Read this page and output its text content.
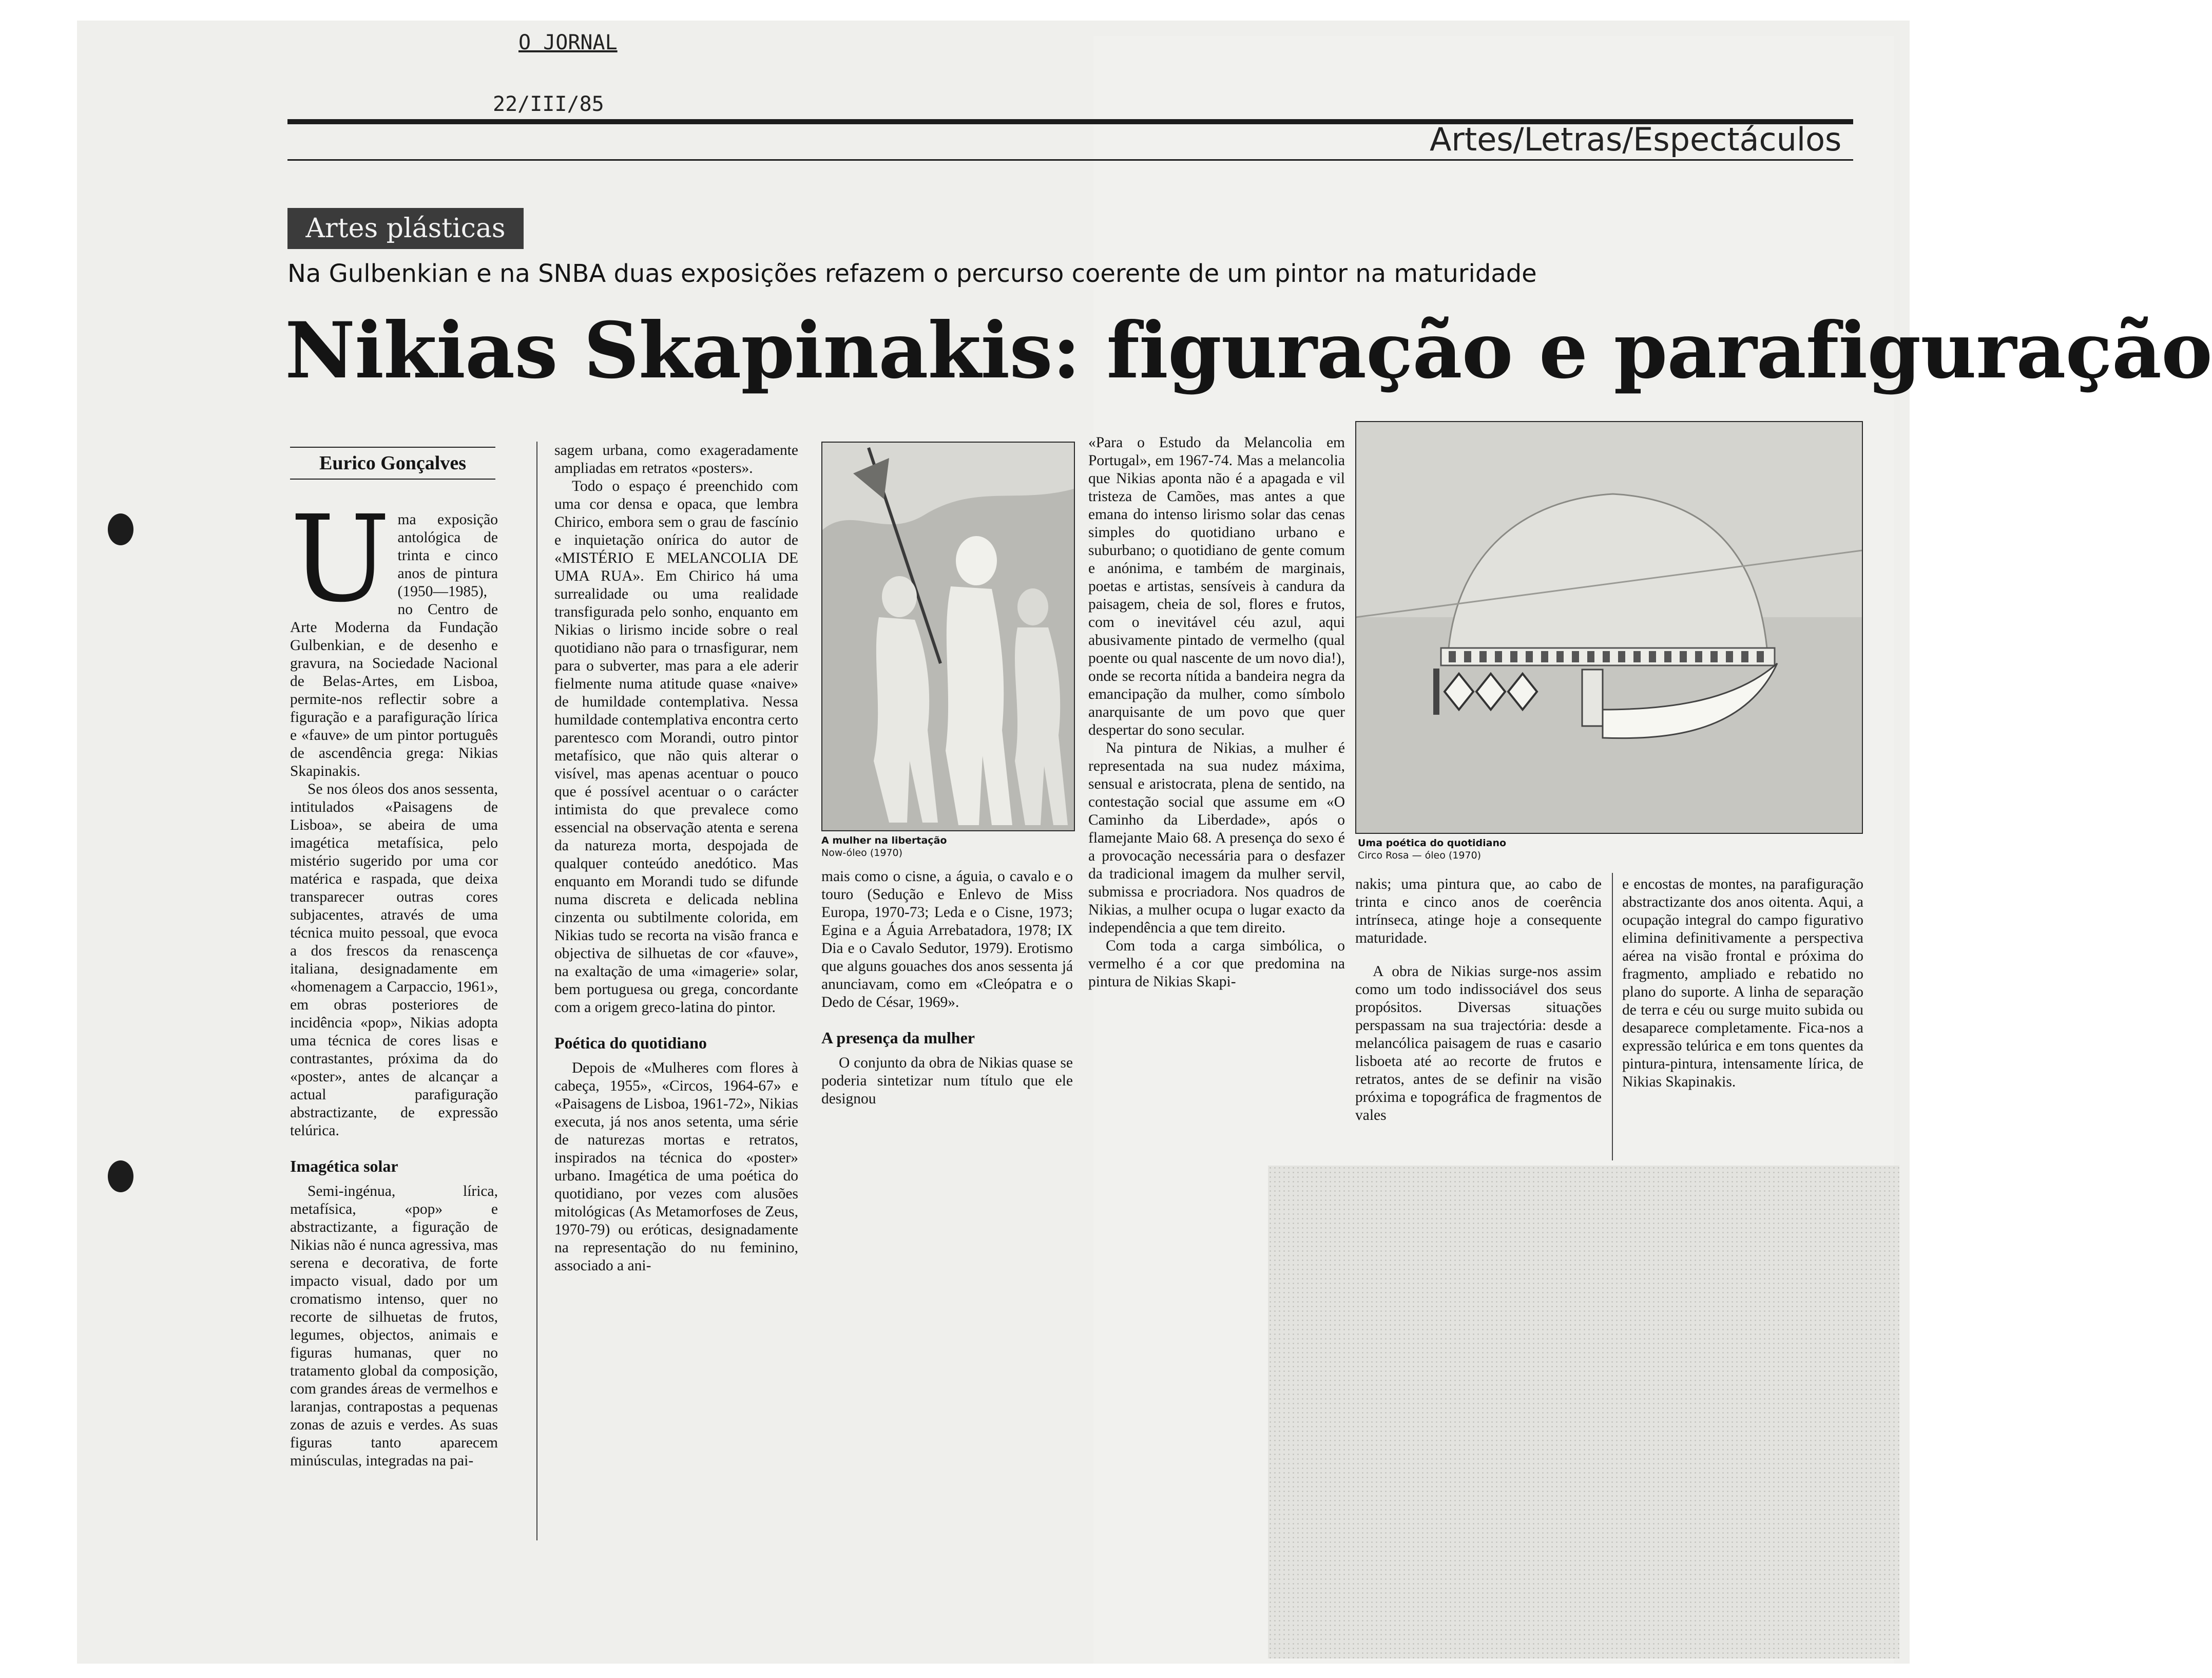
O JORNAL
22/III/85
Artes/Letras/Espectáculos
Artes plásticas
Na Gulbenkian e na SNBA duas exposições refazem o percurso coerente de um pintor na maturidade
Nikias Skapinakis: figuração e parafiguração
Eurico Gonçalves
U ma exposição antológica de trinta e cinco anos de pintura (1950—1985), no Centro de Arte Moderna da Fundação Gulbenkian, e de desenho e gravura, na Sociedade Nacional de Belas-Artes, em Lisboa, permite-nos reflectir sobre a figuração e a parafiguração lírica e «fauve» de um pintor português de ascendência grega: Nikias Skapinakis.

Se nos óleos dos anos sessenta, intitulados «Paisagens de Lisboa», se abeira de uma imagética metafísica, pelo mistério sugerido por uma cor matérica e raspada, que deixa transparecer outras cores subjacentes, através de uma técnica muito pessoal, que evoca a dos frescos da renascença italiana, designadamente em «homenagem a Carpaccio, 1961», em obras posteriores de incidência «pop», Nikias adopta uma técnica de cores lisas e contrastantes, próxima da do «poster», antes de alcançar a actual parafiguração abstractizante, de expressão telúrica.

Imagética solar

Semi-ingénua, lírica, metafísica, «pop» e abstractizante, a figuração de Nikias não é nunca agressiva, mas serena e decorativa, de forte impacto visual, dado por um cromatismo intenso, quer no recorte de silhuetas de frutos, legumes, objectos, animais e figuras humanas, quer no tratamento global da composição, com grandes áreas de vermelhos e laranjas, contrapostas a pequenas zonas de azuis e verdes. As suas figuras tanto aparecem minúsculas, integradas na pai-

sagem urbana, como exageradamente ampliadas em retratos «posters».

Todo o espaço é preenchido com uma cor densa e opaca, que lembra Chirico, embora sem o grau de fascínio e inquietação onírica do autor de «MISTÉRIO E MELANCOLIA DE UMA RUA». Em Chirico há uma surrealidade ou uma realidade transfigurada pelo sonho, enquanto em Nikias o lirismo incide sobre o real quotidiano não para o trnasfigurar, nem para o subverter, mas para a ele aderir fielmente numa atitude quase «naive» de humildade contemplativa. Nessa humildade contemplativa encontra certo parentesco com Morandi, outro pintor metafísico, que não quis alterar o visível, mas apenas acentuar o pouco que é possível acentuar o o carácter intimista do que prevalece como essencial na observação atenta e serena da natureza morta, despojada de qualquer conteúdo anedótico. Mas enquanto em Morandi tudo se difunde numa discreta e delicada neblina cinzenta ou subtilmente colorida, em Nikias tudo se recorta na visão franca e objectiva de silhuetas de cor «fauve», na exaltação de uma «imagerie» solar, bem portuguesa ou grega, concordante com a origem greco-latina do pintor.

Poética do quotidiano

Depois de «Mulheres com flores à cabeça, 1955», «Circos, 1964-67» e «Paisagens de Lisboa, 1961-72», Nikias executa, já nos anos setenta, uma série de naturezas mortas e retratos, inspirados na técnica do «poster» urbano. Imagética de uma poética do quotidiano, por vezes com alusões mitológicas (As Metamorfoses de Zeus, 1970-79) ou eróticas, designadamente na representação do nu feminino, associado a ani-

A mulher na libertação
Now-óleo (1970)

mais como o cisne, a águia, o cavalo e o touro (Sedução e Enlevo de Miss Europa, 1970-73; Leda e o Cisne, 1973; Egina e a Águia Arrebatadora, 1978; IX Dia e o Cavalo Sedutor, 1979). Erotismo que alguns gouaches dos anos sessenta já anunciavam, como em «Cleópatra e o Dedo de César, 1969».

A presença da mulher

O conjunto da obra de Nikias quase se poderia sintetizar num título que ele designou

«Para o Estudo da Melancolia em Portugal», em 1967-74. Mas a melancolia que Nikias aponta não é a apagada e vil tristeza de Camões, mas antes a que emana do intenso lirismo solar das cenas simples do quotidiano urbano e suburbano; o quotidiano de gente comum e anónima, e também de marginais, poetas e artistas, sensíveis à candura da paisagem, cheia de sol, flores e frutos, com o inevitável céu azul, aqui abusivamente pintado de vermelho (qual poente ou qual nascente de um novo dia!), onde se recorta nítida a bandeira negra da emancipação da mulher, como símbolo anarquisante de um povo que quer despertar do sono secular.

Na pintura de Nikias, a mulher é representada na sua nudez máxima, sensual e aristocrata, plena de sentido, na contestação social que assume em «O Caminho da Liberdade», após o flamejante Maio 68. A presença do sexo é a provocação necessária para o desfazer da tradicional imagem da mulher servil, submissa e procriadora. Nos quadros de Nikias, a mulher ocupa o lugar exacto da independência a que tem direito.

Com toda a carga simbólica, o vermelho é a cor que predomina na pintura de Nikias Skapi-

Uma poética do quotidiano
Circo Rosa — óleo (1970)

nakis; uma pintura que, ao cabo de trinta e cinco anos de coerência intrínseca, atinge hoje a consequente maturidade.

A obra de Nikias surge-nos assim como um todo indissociável dos seus propósitos. Diversas situações perspassam na sua trajectória: desde a melancólica paisagem de ruas e casario lisboeta até ao recorte de frutos e retratos, antes de se definir na visão próxima e topográfica de fragmentos de vales

e encostas de montes, na parafiguração abstractizante dos anos oitenta. Aqui, a ocupação integral do campo figurativo elimina definitivamente a perspectiva aérea na visão frontal e próxima do fragmento, ampliado e rebatido no plano do suporte. A linha de separação de terra e céu ou surge muito subida ou desaparece completamente. Fica-nos a expressão telúrica e em tons quentes da pintura-pintura, intensamente lírica, de Nikias Skapinakis.
